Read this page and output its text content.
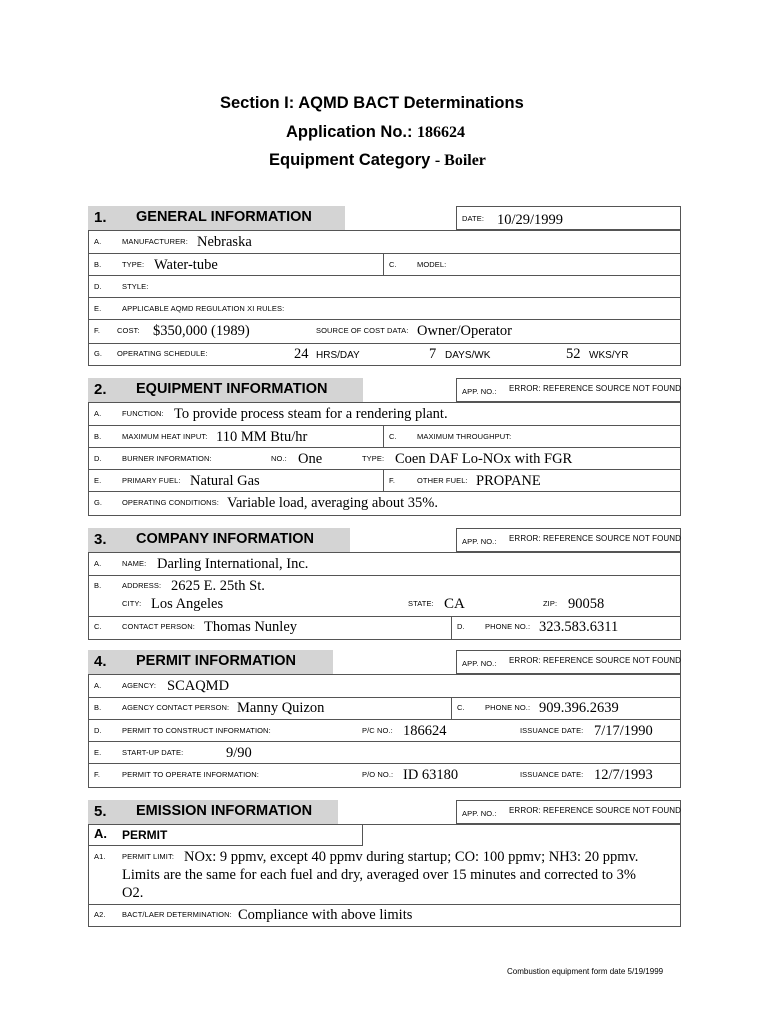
Section I: AQMD BACT Determinations
Application No.: 186624
Equipment Category - Boiler
1. GENERAL INFORMATION	DATE: 10/29/1999
A.	MANUFACTURER: Nebraska
B.	TYPE: Water-tube	C.	MODEL:
D.	STYLE:
E.	APPLICABLE AQMD REGULATION XI RULES:
F. COST: $350,000 (1989)	SOURCE OF COST DATA: Owner/Operator
G. OPERATING SCHEDULE:	24 HRS/DAY	7 DAYS/WK	52 WKS/YR
2. EQUIPMENT INFORMATION	APP. NO.: ERROR: REFERENCE SOURCE NOT FOUND
A.	FUNCTION: To provide process steam for a rendering plant.
B.	MAXIMUM HEAT INPUT: 110 MM Btu/hr	C.	MAXIMUM THROUGHPUT:
D.	BURNER INFORMATION:	NO.: One	TYPE: Coen DAF Lo-NOx with FGR
E.	PRIMARY FUEL: Natural Gas	F.	OTHER FUEL: PROPANE
G.	OPERATING CONDITIONS: Variable load, averaging about 35%.
3. COMPANY INFORMATION	APP. NO.: ERROR: REFERENCE SOURCE NOT FOUND
A.	NAME: Darling International, Inc.
B.	ADDRESS: 2625 E. 25th St.
CITY: Los Angeles	STATE: CA	ZIP: 90058
C.	CONTACT PERSON: Thomas Nunley	D.	PHONE NO.: 323.583.6311
4. PERMIT INFORMATION	APP. NO.: ERROR: REFERENCE SOURCE NOT FOUND
A.	AGENCY: SCAQMD
B.	AGENCY CONTACT PERSON: Manny Quizon	C.	PHONE NO.: 909.396.2639
D.	PERMIT TO CONSTRUCT INFORMATION:	P/C NO.: 186624	ISSUANCE DATE: 7/17/1990
E.	START-UP DATE:	9/90
F.	PERMIT TO OPERATE INFORMATION:	P/O NO.: ID 63180	ISSUANCE DATE: 12/7/1993
5. EMISSION INFORMATION	APP. NO.: ERROR: REFERENCE SOURCE NOT FOUND
A. PERMIT
A1. PERMIT LIMIT: NOx: 9 ppmv, except 40 ppmv during startup; CO: 100 ppmv; NH3: 20 ppmv.
Limits are the same for each fuel and dry, averaged over 15 minutes and corrected to 3%
O2.
A2. BACT/LAER DETERMINATION: Compliance with above limits
Combustion equipment form date 5/19/1999
